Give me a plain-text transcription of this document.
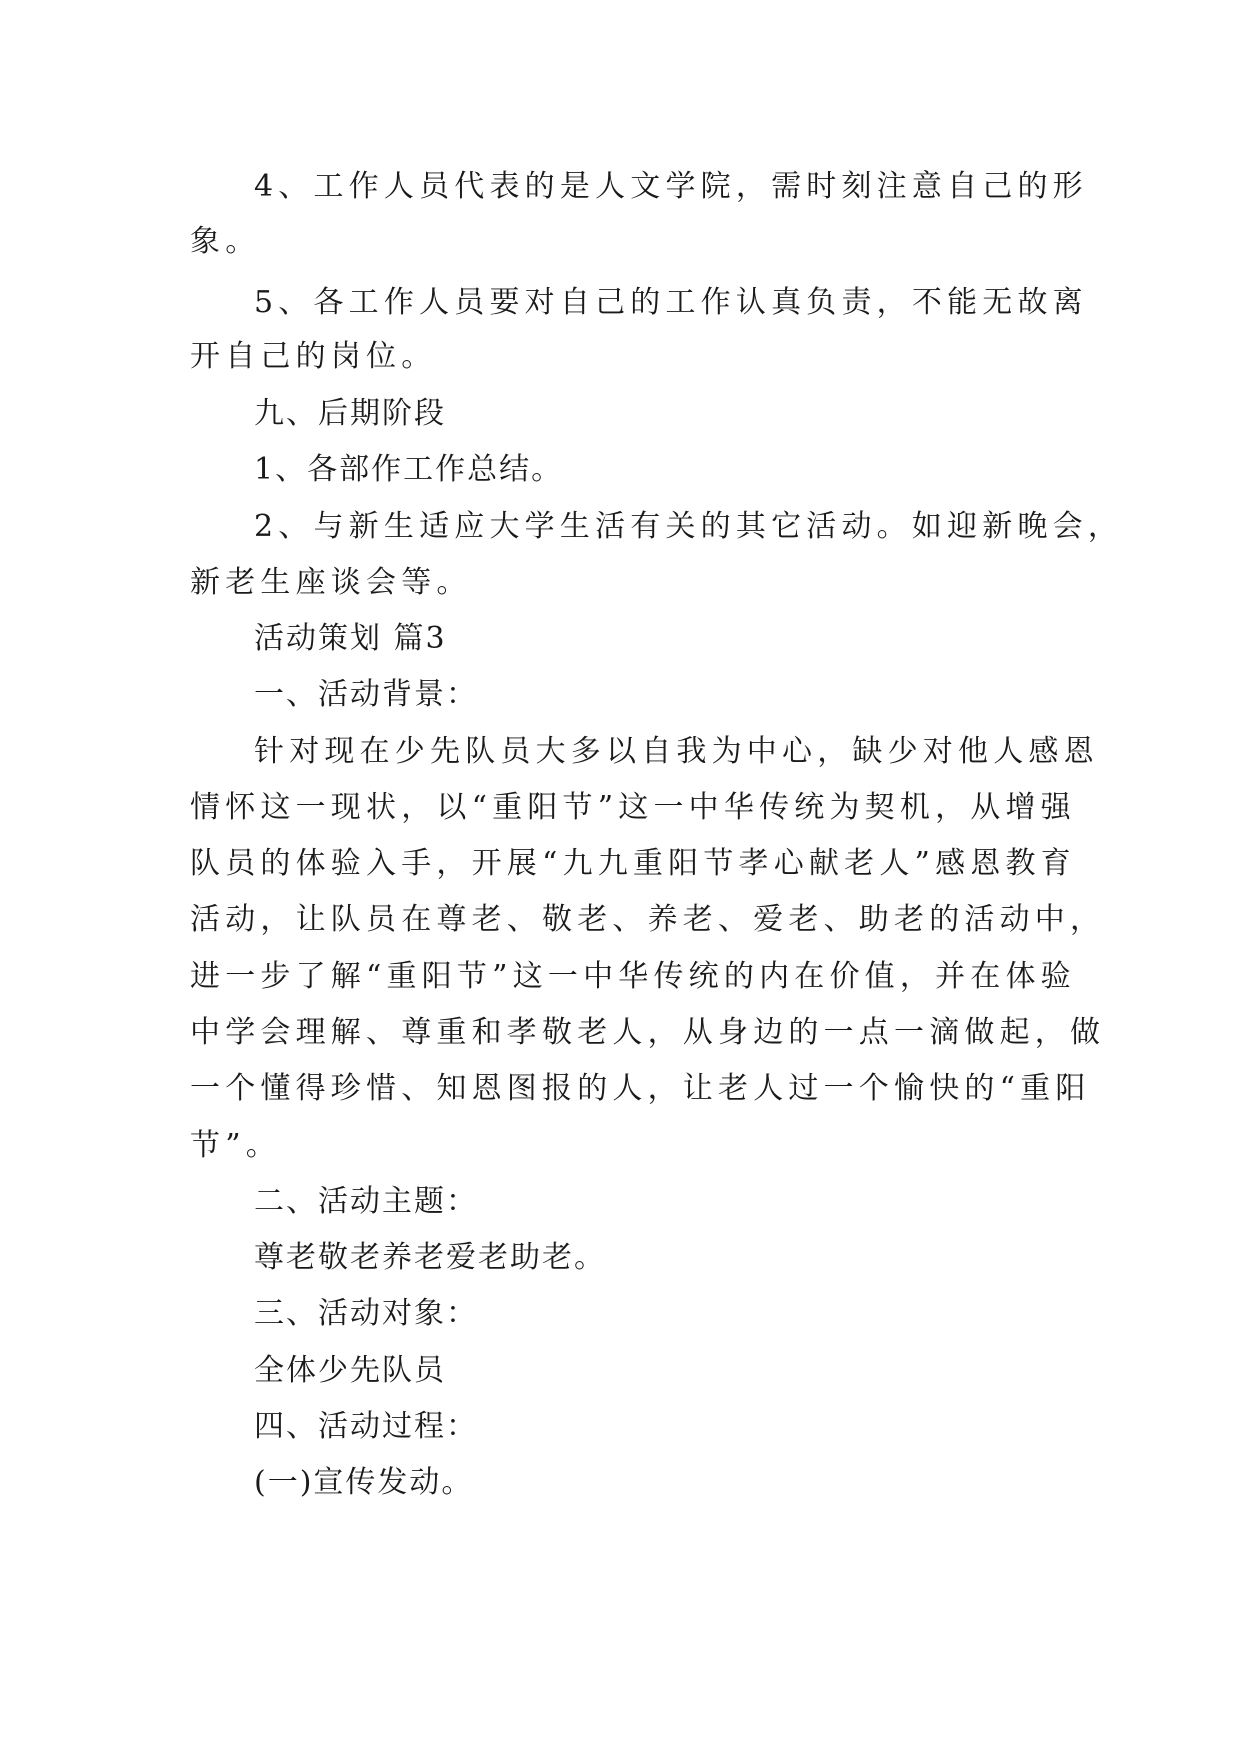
4、工作人员代表的是人文学院，需时刻注意自己的形
象。
5、各工作人员要对自己的工作认真负责，不能无故离
开自己的岗位。
九、后期阶段
1、各部作工作总结。
2、与新生适应大学生活有关的其它活动。如迎新晚会，
新老生座谈会等。
活动策划 篇3
一、活动背景：
针对现在少先队员大多以自我为中心，缺少对他人感恩
情怀这一现状，以“重阳节”这一中华传统为契机，从增强
队员的体验入手，开展“九九重阳节孝心献老人”感恩教育
活动，让队员在尊老、敬老、养老、爱老、助老的活动中，
进一步了解“重阳节”这一中华传统的内在价值，并在体验
中学会理解、尊重和孝敬老人，从身边的一点一滴做起，做
一个懂得珍惜、知恩图报的人，让老人过一个愉快的“重阳
节”。
二、活动主题：
尊老敬老养老爱老助老。
三、活动对象：
全体少先队员
四、活动过程：
(一)宣传发动。
